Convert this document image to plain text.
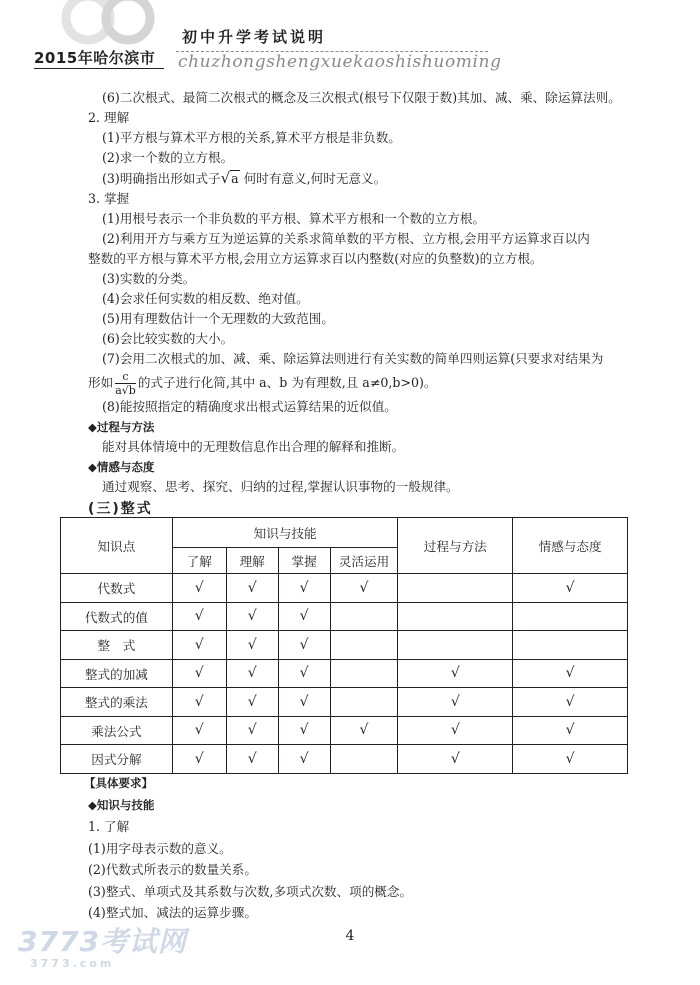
2015年哈尔滨市
初中升学考试说明
chuzhongshengxuekaoshishuoming

(6)二次根式、最简二次根式的概念及三次根式(根号下仅限于数)其加、减、乘、除运算法则。

2. 理解

(1)平方根与算术平方根的关系,算术平方根是非负数。

(2)求一个数的立方根。

(3)明确指出形如式子√a 何时有意义,何时无意义。

3. 掌握

(1)用根号表示一个非负数的平方根、算术平方根和一个数的立方根。

(2)利用开方与乘方互为逆运算的关系求简单数的平方根、立方根,会用平方运算求百以内

整数的平方根与算术平方根,会用立方运算求百以内整数(对应的负整数)的立方根。

(3)实数的分类。

(4)会求任何实数的相反数、绝对值。

(5)用有理数估计一个无理数的大致范围。

(6)会比较实数的大小。

(7)会用二次根式的加、减、乘、除运算法则进行有关实数的简单四则运算(只要求对结果为

形如 $\frac{c}{a√b}$ 的式子进行化简,其中 a、b 为有理数,且 a≠0,b>0)。

(8)能按照指定的精确度求出根式运算结果的近似值。

◆过程与方法

能对具体情境中的无理数信息作出合理的解释和推断。

◆情感与态度

通过观察、思考、探究、归纳的过程,掌握认识事物的一般规律。

(三)整式

知识点	知识与技能				过程与方法	情感与态度
	了解	理解	掌握	灵活运用		
代数式	√	√	√	√		√
代数式的值	√	√	√			
整　式	√	√	√			
整式的加减	√	√	√		√	√
整式的乘法	√	√	√		√	√
乘法公式	√	√	√	√	√	√
因式分解	√	√	√		√	√

【具体要求】

◆知识与技能

1. 了解

(1)用字母表示数的意义。

(2)代数式所表示的数量关系。

(3)整式、单项式及其系数与次数,多项式次数、项的概念。

(4)整式加、减法的运算步骤。

4
3773考试网
3773.com
